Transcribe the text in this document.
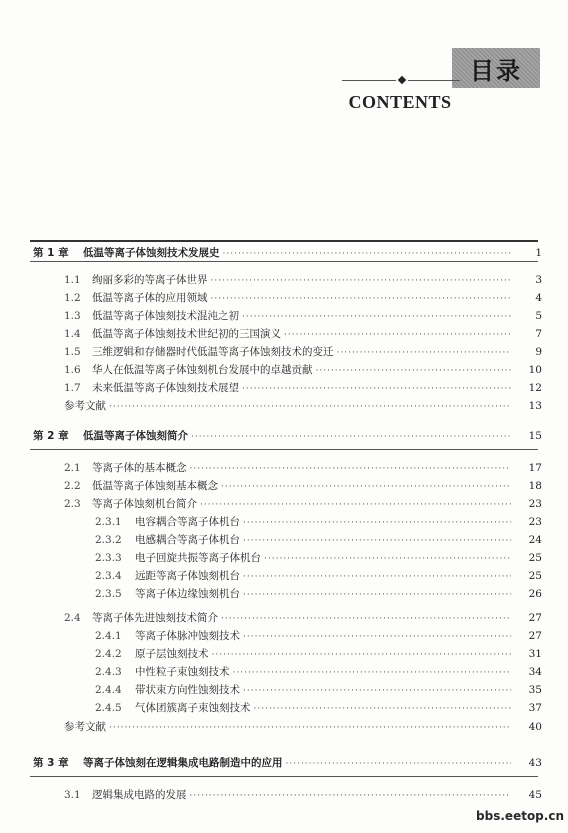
目录
CONTENTS
第 1 章	低温等离子体蚀刻技术发展史 ·····	1
1.1	绚丽多彩的等离子体世界 ·····	3
1.2	低温等离子体的应用领域 ·····	4
1.3	低温等离子体蚀刻技术混沌之初 ·····	5
1.4	低温等离子体蚀刻技术世纪初的三国演义 ·····	7
1.5	三维逻辑和存储器时代低温等离子体蚀刻技术的变迁 ·····	9
1.6	华人在低温等离子体蚀刻机台发展中的卓越贡献 ·····	10
1.7	未来低温等离子体蚀刻技术展望 ·····	12
参考文献 ·····	13
第 2 章	低温等离子体蚀刻简介 ·····	15
2.1	等离子体的基本概念 ·····	17
2.2	低温等离子体蚀刻基本概念 ·····	18
2.3	等离子体蚀刻机台简介 ·····	23
2.3.1	电容耦合等离子体机台 ·····	23
2.3.2	电感耦合等离子体机台 ·····	24
2.3.3	电子回旋共振等离子体机台 ·····	25
2.3.4	远距等离子体蚀刻机台 ·····	25
2.3.5	等离子体边缘蚀刻机台 ·····	26
2.4	等离子体先进蚀刻技术简介 ·····	27
2.4.1	等离子体脉冲蚀刻技术 ·····	27
2.4.2	原子层蚀刻技术 ·····	31
2.4.3	中性粒子束蚀刻技术 ·····	34
2.4.4	带状束方向性蚀刻技术 ·····	35
2.4.5	气体团簇离子束蚀刻技术 ·····	37
参考文献 ·····	40
第 3 章	等离子体蚀刻在逻辑集成电路制造中的应用 ·····	43
3.1	逻辑集成电路的发展 ·····	45
bbs.eetop.cn
